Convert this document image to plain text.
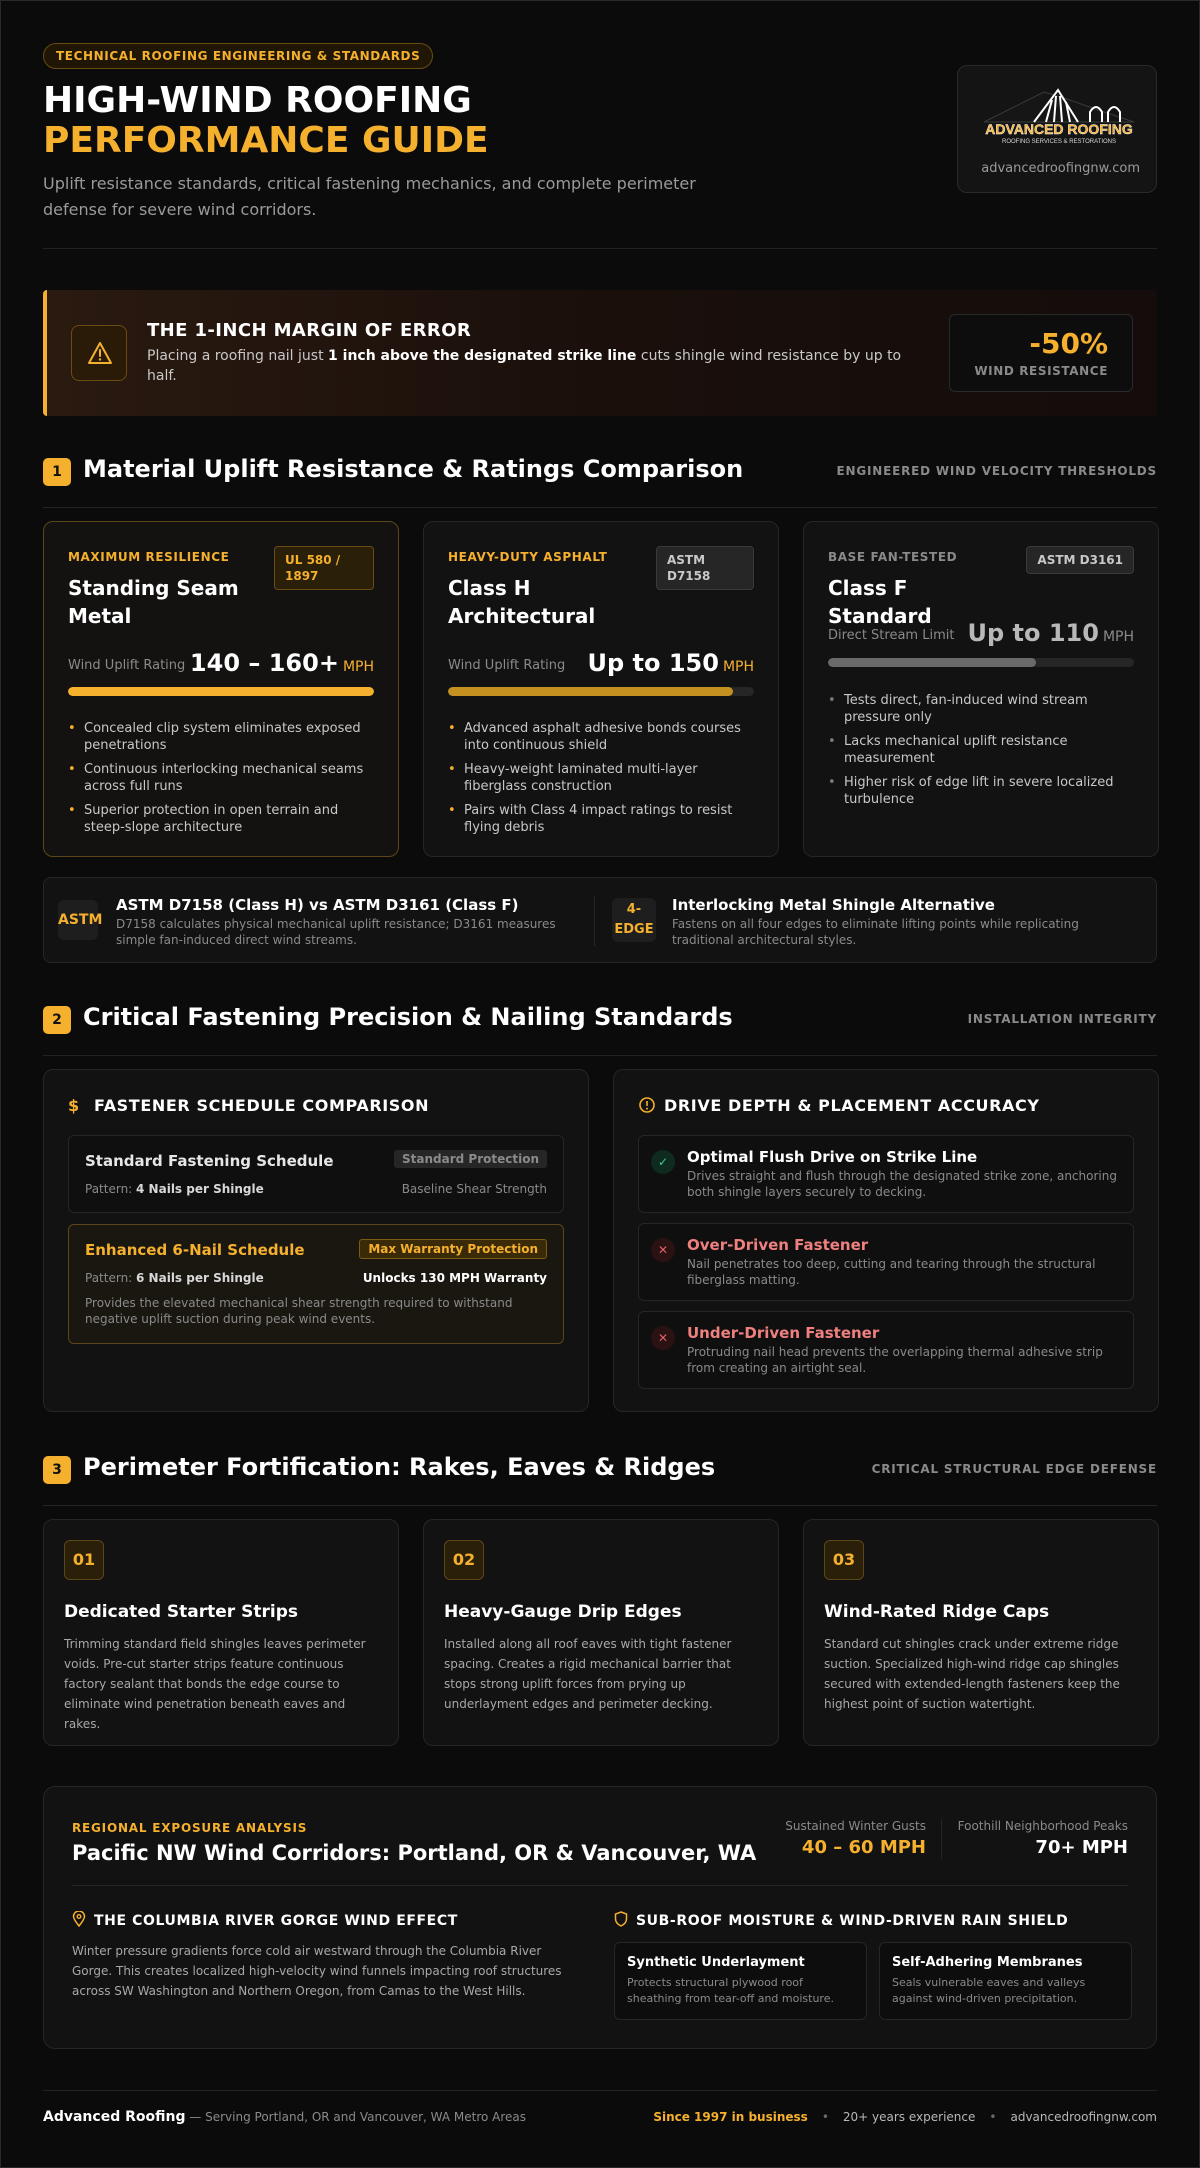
TECHNICAL ROOFING ENGINEERING & STANDARDS
HIGH-WIND ROOFING
PERFORMANCE GUIDE
Uplift resistance standards, critical fastening mechanics, and complete perimeter defense for severe wind corridors.
ADVANCED ROOFING
ROOFING SERVICES & RESTORATIONS
advancedroofingnw.com
THE 1-INCH MARGIN OF ERROR
Placing a roofing nail just 1 inch above the designated strike line cuts shingle wind resistance by up to half.
-50%
WIND RESISTANCE
1 Material Uplift Resistance & Ratings Comparison	ENGINEERED WIND VELOCITY THRESHOLDS
MAXIMUM RESILIENCE
Standing Seam Metal
UL 580 / 1897
Wind Uplift Rating 140 – 160+ MPH
• Concealed clip system eliminates exposed penetrations
• Continuous interlocking mechanical seams across full runs
• Superior protection in open terrain and steep-slope architecture
HEAVY-DUTY ASPHALT
Class H Architectural
ASTM D7158
Wind Uplift Rating Up to 150 MPH
• Advanced asphalt adhesive bonds courses into continuous shield
• Heavy-weight laminated multi-layer fiberglass construction
• Pairs with Class 4 impact ratings to resist flying debris
BASE FAN-TESTED
Class F Standard
ASTM D3161
Direct Stream Limit Up to 110 MPH
• Tests direct, fan-induced wind stream pressure only
• Lacks mechanical uplift resistance measurement
• Higher risk of edge lift in severe localized turbulence
ASTM
ASTM D7158 (Class H) vs ASTM D3161 (Class F)
D7158 calculates physical mechanical uplift resistance; D3161 measures simple fan-induced direct wind streams.
4-EDGE
Interlocking Metal Shingle Alternative
Fastens on all four edges to eliminate lifting points while replicating traditional architectural styles.
2 Critical Fastening Precision & Nailing Standards	INSTALLATION INTEGRITY
$ FASTENER SCHEDULE COMPARISON
Standard Fastening Schedule	Standard Protection
Pattern: 4 Nails per Shingle	Baseline Shear Strength
Enhanced 6-Nail Schedule	Max Warranty Protection
Pattern: 6 Nails per Shingle	Unlocks 130 MPH Warranty
Provides the elevated mechanical shear strength required to withstand negative uplift suction during peak wind events.
DRIVE DEPTH & PLACEMENT ACCURACY
✓	Optimal Flush Drive on Strike Line
Drives straight and flush through the designated strike zone, anchoring both shingle layers securely to decking.
✕	Over-Driven Fastener
Nail penetrates too deep, cutting and tearing through the structural fiberglass matting.
✕	Under-Driven Fastener
Protruding nail head prevents the overlapping thermal adhesive strip from creating an airtight seal.
3 Perimeter Fortification: Rakes, Eaves & Ridges	CRITICAL STRUCTURAL EDGE DEFENSE
01
Dedicated Starter Strips
Trimming standard field shingles leaves perimeter voids. Pre-cut starter strips feature continuous factory sealant that bonds the edge course to eliminate wind penetration beneath eaves and rakes.
02
Heavy-Gauge Drip Edges
Installed along all roof eaves with tight fastener spacing. Creates a rigid mechanical barrier that stops strong uplift forces from prying up underlayment edges and perimeter decking.
03
Wind-Rated Ridge Caps
Standard cut shingles crack under extreme ridge suction. Specialized high-wind ridge cap shingles secured with extended-length fasteners keep the highest point of suction watertight.
REGIONAL EXPOSURE ANALYSIS
Pacific NW Wind Corridors: Portland, OR & Vancouver, WA
Sustained Winter Gusts
40 – 60 MPH
Foothill Neighborhood Peaks
70+ MPH
THE COLUMBIA RIVER GORGE WIND EFFECT
Winter pressure gradients force cold air westward through the Columbia River Gorge. This creates localized high-velocity wind funnels impacting roof structures across SW Washington and Northern Oregon, from Camas to the West Hills.
SUB-ROOF MOISTURE & WIND-DRIVEN RAIN SHIELD
Synthetic Underlayment
Protects structural plywood roof sheathing from tear-off and moisture.
Self-Adhering Membranes
Seals vulnerable eaves and valleys against wind-driven precipitation.
Advanced Roofing — Serving Portland, OR and Vancouver, WA Metro Areas	Since 1997 in business • 20+ years experience • advancedroofingnw.com
